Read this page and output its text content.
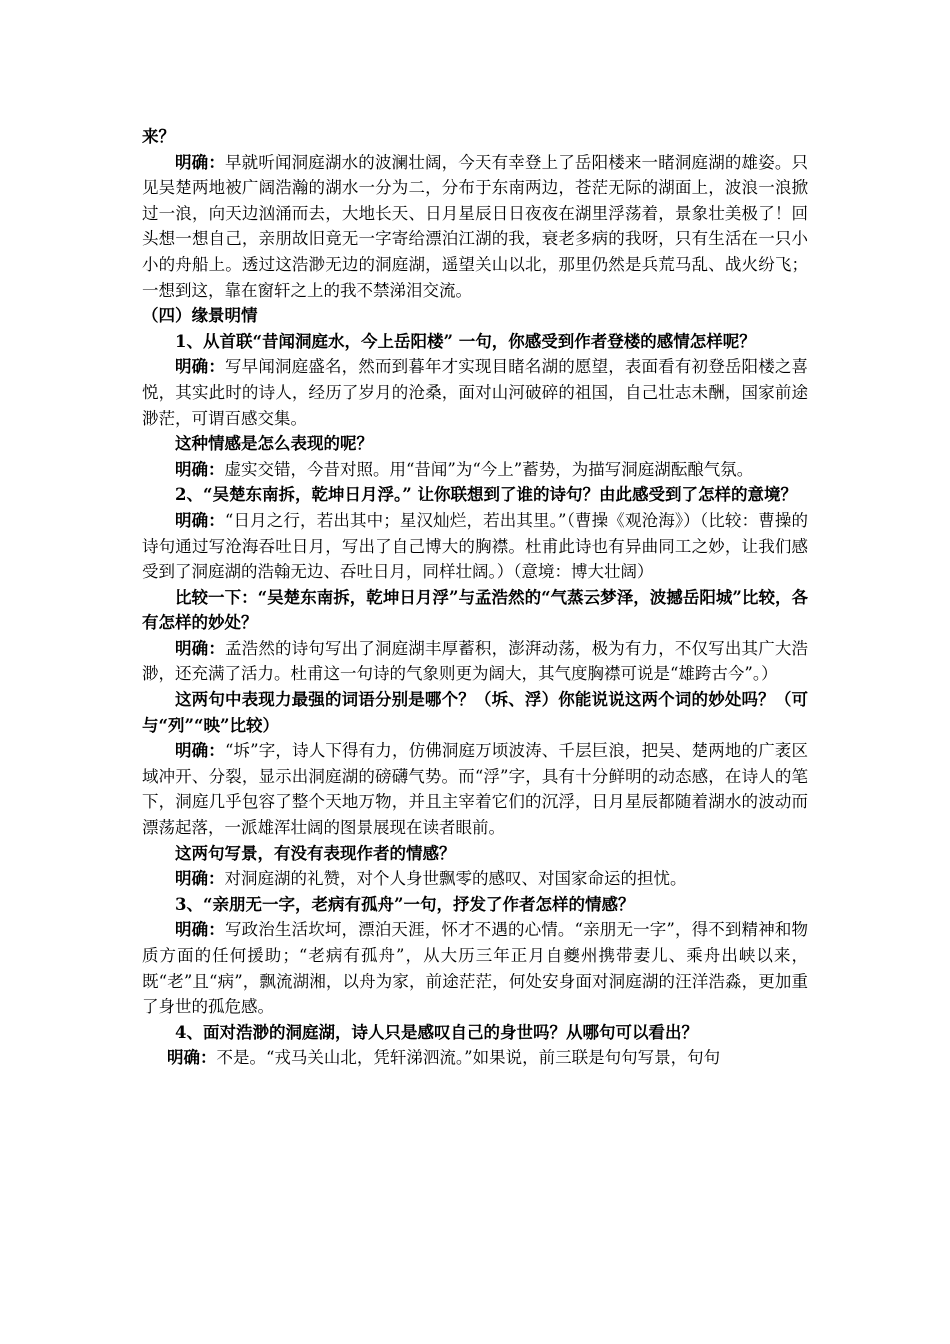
来？

明确：早就听闻洞庭湖水的波澜壮阔，今天有幸登上了岳阳楼来一睹洞庭湖的雄姿。只见吴楚两地被广阔浩瀚的湖水一分为二，分布于东南两边，苍茫无际的湖面上，波浪一浪掀过一浪，向天边汹涌而去，大地长天、日月星辰日日夜夜在湖里浮荡着，景象壮美极了！回头想一想自己，亲朋故旧竟无一字寄给漂泊江湖的我，衰老多病的我呀，只有生活在一只小小的舟船上。透过这浩渺无边的洞庭湖，遥望关山以北，那里仍然是兵荒马乱、战火纷飞；一想到这，靠在窗轩之上的我不禁涕泪交流。

（四）缘景明情

1、从首联“昔闻洞庭水，今上岳阳楼” 一句，你感受到作者登楼的感情怎样呢？

明确：写早闻洞庭盛名，然而到暮年才实现目睹名湖的愿望，表面看有初登岳阳楼之喜悦，其实此时的诗人，经历了岁月的沧桑，面对山河破碎的祖国，自己壮志未酬，国家前途渺茫，可谓百感交集。

这种情感是怎么表现的呢？

明确：虚实交错，今昔对照。用“昔闻”为“今上”蓄势，为描写洞庭湖酝酿气氛。

2、“吴楚东南拆，乾坤日月浮。” 让你联想到了谁的诗句？由此感受到了怎样的意境？

明确：“日月之行，若出其中；星汉灿烂，若出其里。”（曹操《观沧海》）（比较：曹操的诗句通过写沧海吞吐日月，写出了自己博大的胸襟。杜甫此诗也有异曲同工之妙，让我们感受到了洞庭湖的浩翰无边、吞吐日月，同样壮阔。）（意境：博大壮阔）

比较一下：“吴楚东南拆，乾坤日月浮”与孟浩然的“气蒸云梦泽，波撼岳阳城”比较，各有怎样的妙处？

明确：孟浩然的诗句写出了洞庭湖丰厚蓄积，澎湃动荡，极为有力，不仅写出其广大浩渺，还充满了活力。杜甫这一句诗的气象则更为阔大，其气度胸襟可说是“雄跨古今”。）

这两句中表现力最强的词语分别是哪个？（坼、浮）你能说说这两个词的妙处吗？（可与“列”“映”比较）

明确：“坼”字，诗人下得有力，仿佛洞庭万顷波涛、千层巨浪，把吴、楚两地的广袤区域冲开、分裂，显示出洞庭湖的磅礴气势。而“浮”字，具有十分鲜明的动态感，在诗人的笔下，洞庭几乎包容了整个天地万物，并且主宰着它们的沉浮，日月星辰都随着湖水的波动而漂荡起落，一派雄浑壮阔的图景展现在读者眼前。

这两句写景，有没有表现作者的情感？

明确：对洞庭湖的礼赞，对个人身世飘零的感叹、对国家命运的担忧。

3、“亲朋无一字，老病有孤舟”一句，抒发了作者怎样的情感？

明确：写政治生活坎坷，漂泊天涯，怀才不遇的心情。“亲朋无一字”，得不到精神和物质方面的任何援助；“老病有孤舟”，从大历三年正月自夔州携带妻儿、乘舟出峡以来，既“老”且“病”，飘流湖湘，以舟为家，前途茫茫，何处安身面对洞庭湖的汪洋浩淼，更加重了身世的孤危感。

4、面对浩渺的洞庭湖，诗人只是感叹自己的身世吗？从哪句可以看出？

明确：不是。“戎马关山北，凭轩涕泗流。”如果说，前三联是句句写景，句句
